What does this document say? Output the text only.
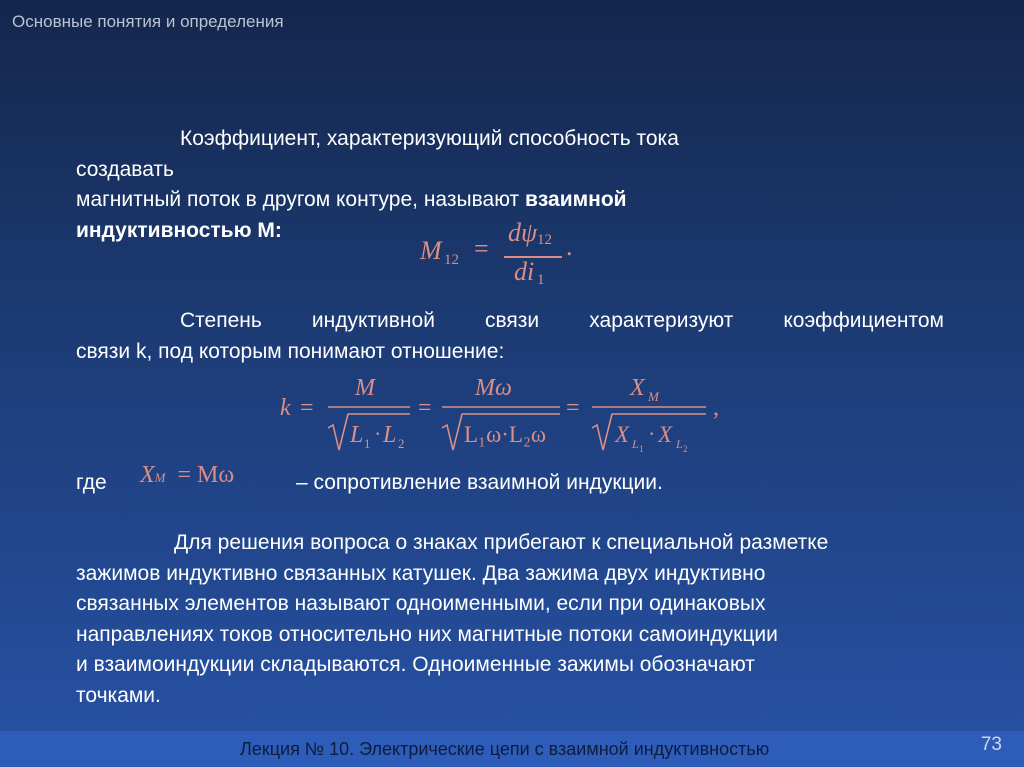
Основные понятия и определения
Коэффициент, характеризующий способность тока создавать
магнитный поток в другом контуре, называют взаимной
индуктивностью М:
M 12 =
dψ 12
di 1
.
Степень индуктивной связи характеризуют коэффициентом
связи k, под которым понимают отношение:
k =
M
L 1 · L 2
=
Mω
L₁ω·L₂ω
=
X M
X L 1
· X L 2
,
где XM = Mω	– сопротивление взаимной индукции.
Для решения вопроса о знаках прибегают к специальной разметке
зажимов индуктивно связанных катушек. Два зажима двух индуктивно
связанных элементов называют одноименными, если при одинаковых
направлениях токов относительно них магнитные потоки самоиндукции
и взаимоиндукции складываются. Одноименные зажимы обозначают
точками.
Лекция № 10. Электрические цепи с взаимной индуктивностью	73
